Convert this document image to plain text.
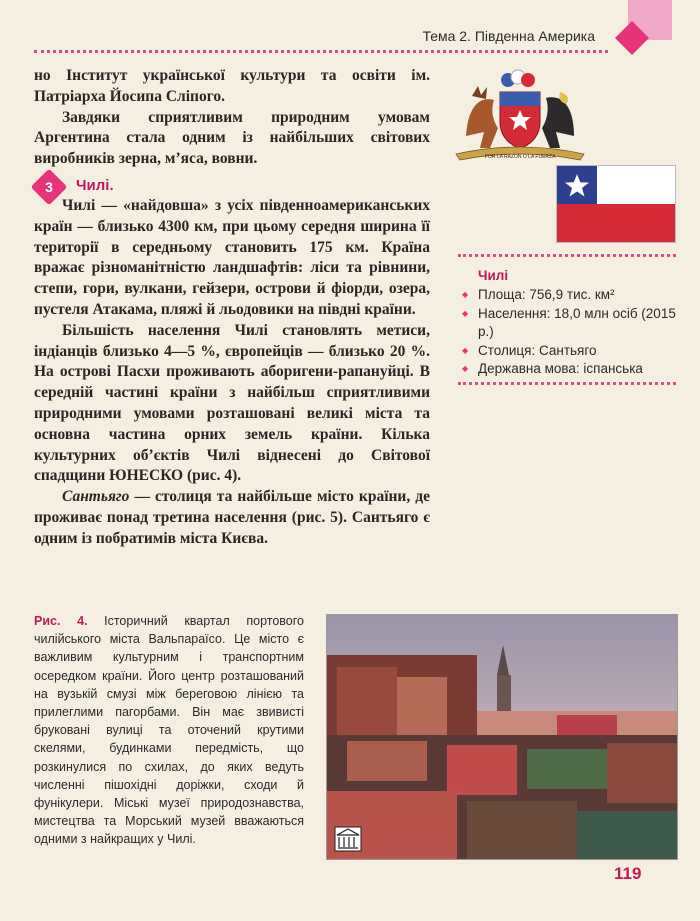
Тема 2. Південна Америка

но Інститут української культури та освіти ім. Патріарха Йосипа Сліпого.

Завдяки сприятливим природним умовам Аргентина стала одним із найбільших світових виробників зерна, м’яса, вовни.

3	Чилі.

Чилі — «найдовша» з усіх південноамериканських країн — близько 4300 км, при цьому середня ширина її території в середньому становить 175 км. Країна вражає різноманітністю ландшафтів: ліси та рівнини, степи, гори, вулкани, гейзери, острови й фіорди, озера, пустеля Атакама, пляжі й льодовики на півдні країни.

Більшість населення Чилі становлять метиси, індіанців близько 4—5 %, європейців — близько 20 %. На острові Пасхи проживають аборигени-рапануйці. В середній частині країни з найбільш сприятливими природними умовами розташовані великі міста та основна частина орних земель країни. Кілька культурних об’єктів Чилі віднесені до Світової спадщини ЮНЕСКО (рис. 4).

Сантьяго — столиця та найбільше місто країни, де проживає понад третина населення (рис. 5). Сантьяго є одним із побратимів міста Києва.

POR LA RAZON O LA FUERZA
Чилі
◆ Площа: 756,9 тис. км²
◆ Населення: 18,0 млн осіб (2015 р.)
◆ Столиця: Сантьяго
◆ Державна мова: іспанська
Рис. 4. Історичний квартал портового чилійського міста Вальпараїсо. Це місто є важливим культурним і транспортним осередком країни. Його центр розташований на вузькій смузі між береговою лінією та прилеглими пагорбами. Він має звивисті бруковані вулиці та оточений крутими скелями, будинками передмість, що розкинулися по схилах, до яких ведуть численні пішохідні доріжки, сходи й фунікулери. Міські музеї природознавства, мистецтва та Морський музей вважаються одними з найкращих у Чилі.
119
